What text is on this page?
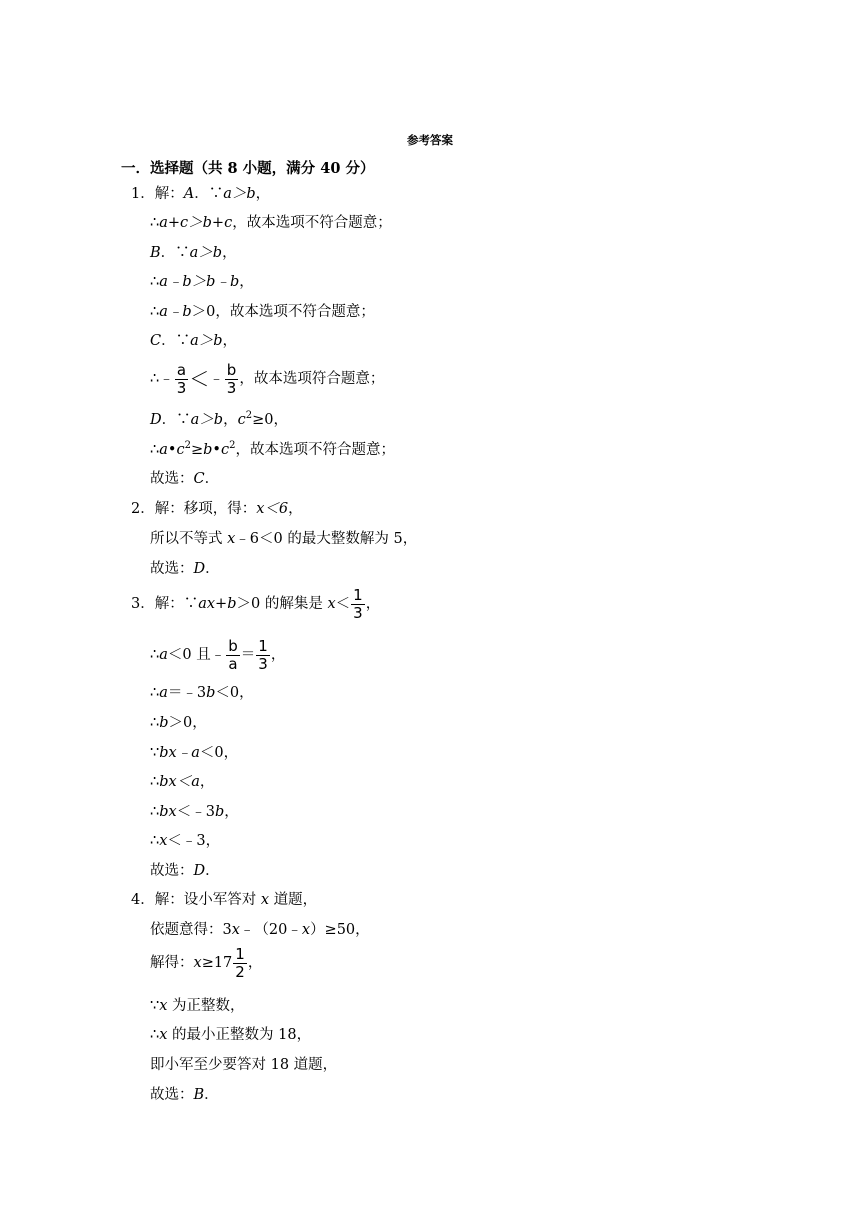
参考答案
一．选择题（共 8 小题，满分 40 分）
1．解：A．∵a＞b，
∴a+c＞b+c，故本选项不符合题意；
B．∵a＞b，
∴a﹣b＞b﹣b，
∴a﹣b＞0，故本选项不符合题意；
C．∵a＞b，
∴﹣ $\frac{a}{3}$ ＜﹣ $\frac{b}{3}$ ，故本选项符合题意；
D．∵a＞b，$c^2\ge 0$，
$\therefore a•c^2\ge b•c^2$，故本选项不符合题意；
故选：C．
2．解：移项，得：x＜6，
所以不等式 x﹣6＜0 的最大整数解为 5，
故选：D．
3．解：∵ax+b＞0 的解集是 $x< \frac{1}{3}$ ，
∴a＜0 且﹣ $\frac{b}{a} = \frac{1}{3}$ ，
∴a＝﹣3b＜0，
∴b＞0，
∵bx﹣a＜0，
∴bx＜a，
∴bx＜﹣3b，
∴x＜﹣3，
故选：D．
4．解：设小军答对 x 道题，
依题意得：3x﹣（20﹣x）≥50，
解得：$x\ge 17 \frac{1}{2}$ ，
∵x 为正整数，
∴x 的最小正整数为 18，
即小军至少要答对 18 道题，
故选：B．
